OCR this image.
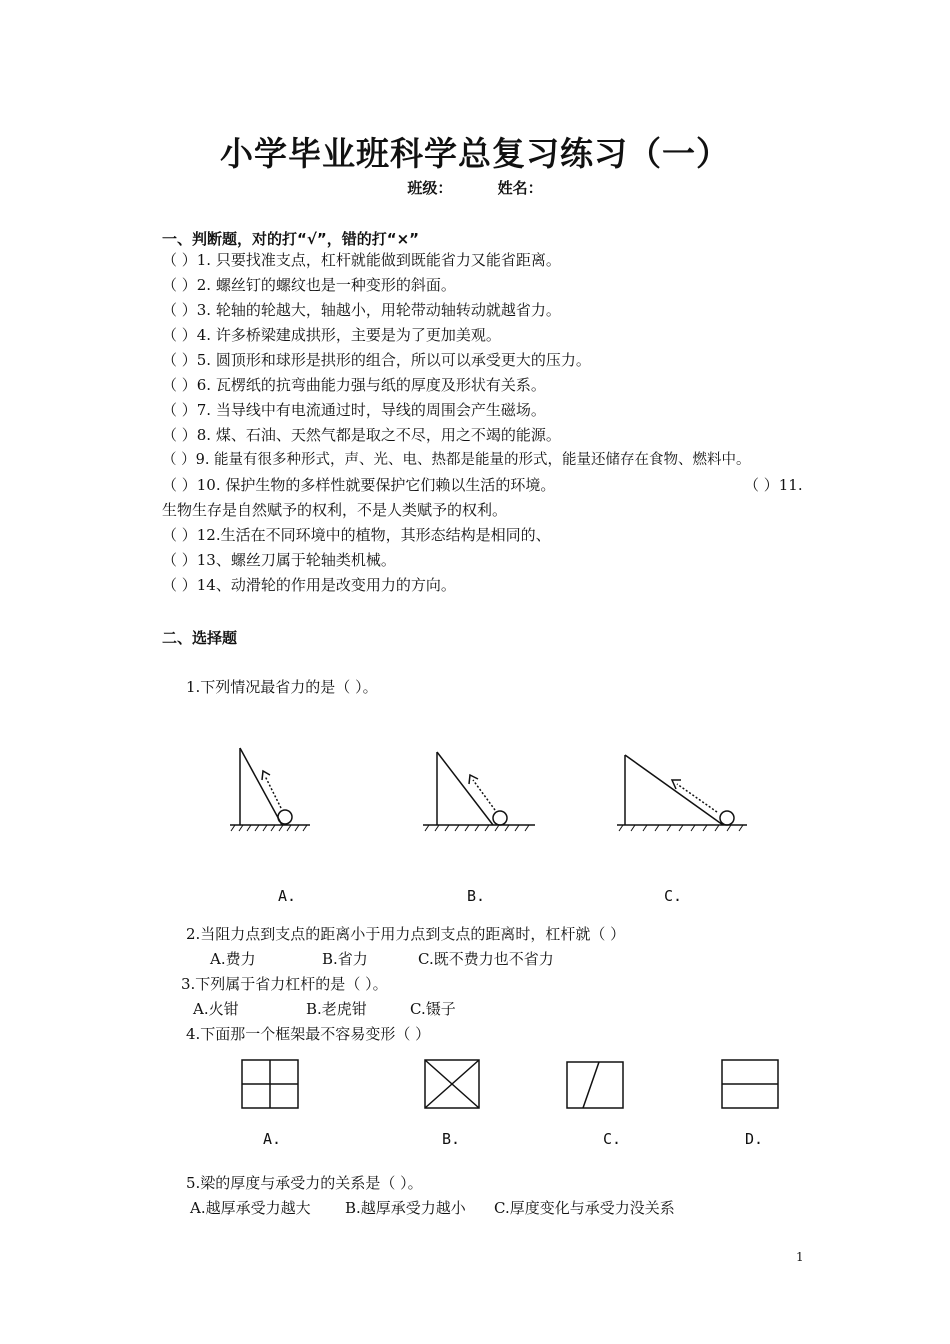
小学毕业班科学总复习练习（一）
班级：	姓名：
一、判断题，对的打“√”，错的打“×”
（ ）1. 只要找准支点，杠杆就能做到既能省力又能省距离。
（ ）2. 螺丝钉的螺纹也是一种变形的斜面。
（ ）3. 轮轴的轮越大，轴越小，用轮带动轴转动就越省力。
（ ）4. 许多桥梁建成拱形，主要是为了更加美观。
（ ）5. 圆顶形和球形是拱形的组合，所以可以承受更大的压力。
（ ）6. 瓦楞纸的抗弯曲能力强与纸的厚度及形状有关系。
（ ）7. 当导线中有电流通过时，导线的周围会产生磁场。
（ ）8. 煤、石油、天然气都是取之不尽，用之不竭的能源。
（ ）9. 能量有很多种形式，声、光、电、热都是能量的形式，能量还储存在食物、燃料中。
（ ）10. 保护生物的多样性就要保护它们赖以生活的环境。	（ ）11.
生物生存是自然赋予的权利，不是人类赋予的权利。
（ ）12.生活在不同环境中的植物，其形态结构是相同的、
（ ）13、螺丝刀属于轮轴类机械。
（ ）14、动滑轮的作用是改变用力的方向。
二、选择题
1.下列情况最省力的是（ ）。
A.	B.	C.
2.当阻力点到支点的距离小于用力点到支点的距离时，杠杆就（ ）
A.费力	B.省力	C.既不费力也不省力
3.下列属于省力杠杆的是（ ）。
A.火钳	B.老虎钳	C.镊子
4.下面那一个框架最不容易变形（ ）
A.	B.	C.	D.
5.梁的厚度与承受力的关系是（ ）。
A.越厚承受力越大 B.越厚承受力越小 C.厚度变化与承受力没关系
1
